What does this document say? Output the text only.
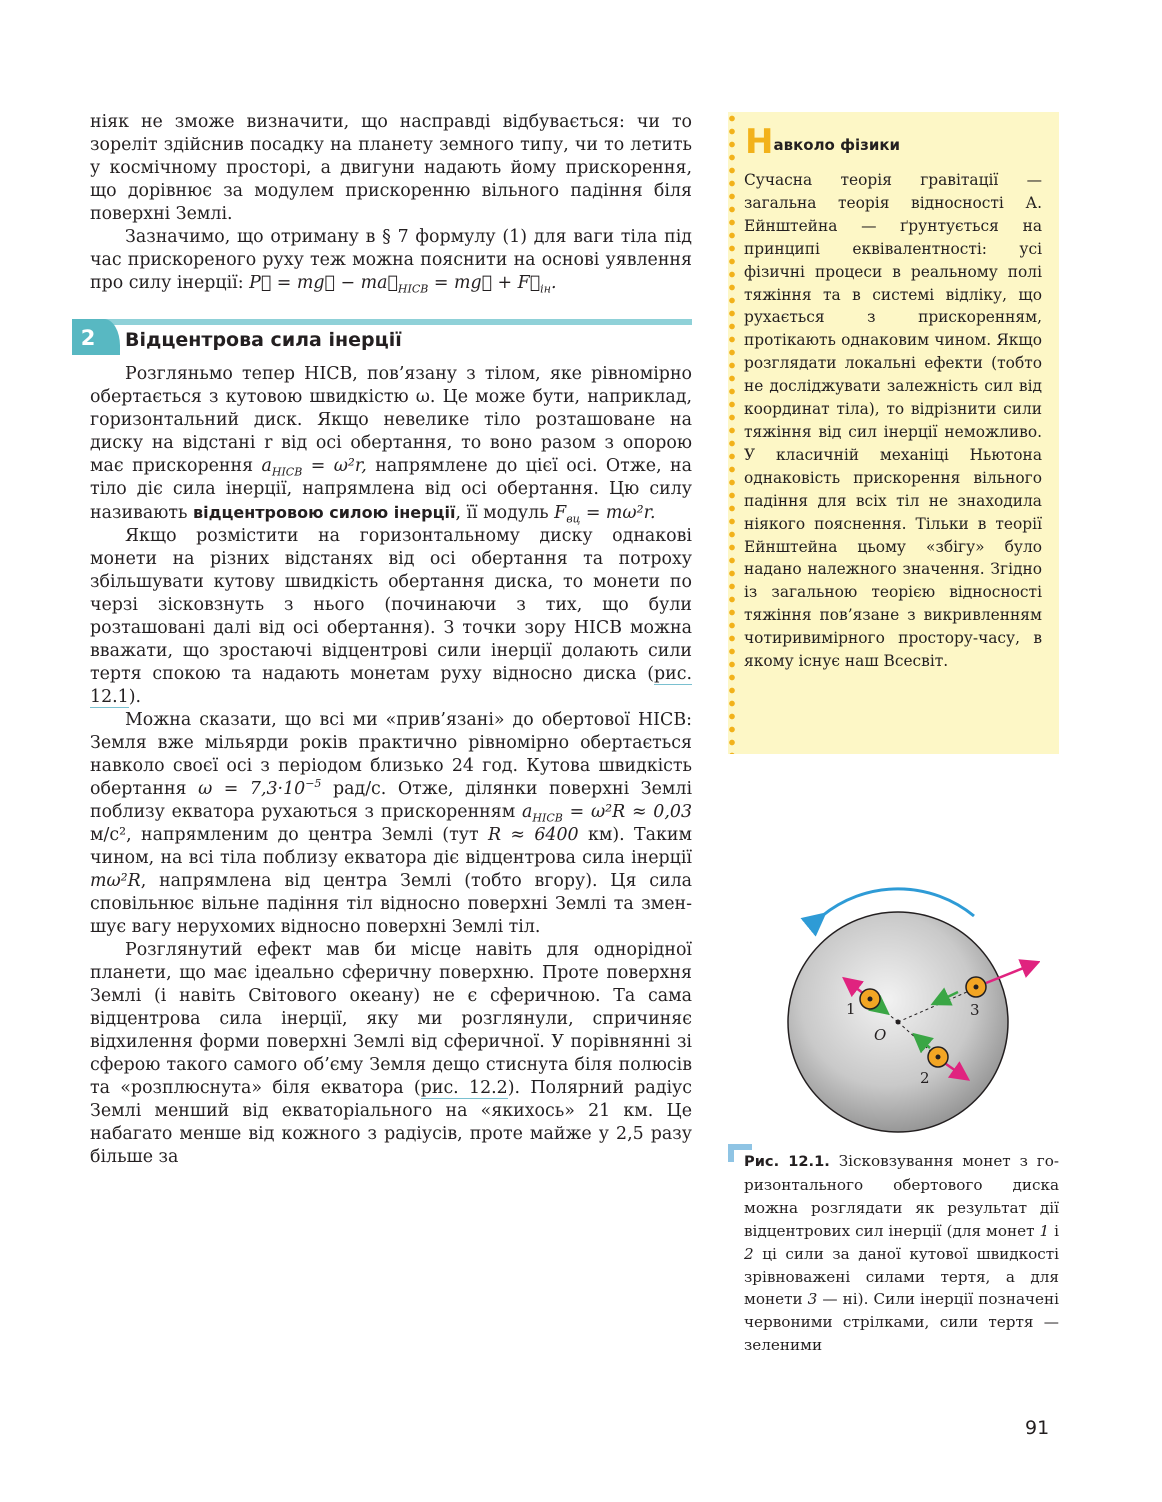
ніяк не зможе визначити, що насправді відбувається: чи то зореліт здійснив посадку на планету земного типу, чи то летить у космічному просторі, а двигуни надають йому прискорення, що дорівнює за модулем прискоренню вільного падіння біля поверхні Землі.

Зазначимо, що отриману в § 7 формулу (1) для ваги тіла під час прискореного руху теж можна пояснити на основі уявлення про силу інерції: P⃗ = mg⃗ − $ma⃗_{НІСВ}$ = mg⃗ + $F⃗_{ін}$.

2	Відцентрова сила інерції

Розгляньмо тепер НІСВ, пов’язану з тілом, яке рівномірно обертається з кутовою швидкістю ω. Це може бути, наприклад, горизонтальний диск. Якщо невелике тіло розташоване на диску на відстані r від осі обертання, то воно разом з опорою має прискорення $a_{НІСВ} = \omega^2r$, напрямлене до цієї осі. Отже, на тіло діє сила інерції, напрямлена від осі обертання. Цю силу називають відцентровою силою інерції, її модуль $F_{вц} = m\omega^2r$.

Якщо розмістити на горизонтальному диску однакові монети на різних відстанях від осі обертання та потроху збільшувати кутову швидкість обертання диска, то монети по черзі зісковзнуть з нього (починаючи з тих, що були розташовані далі від осі обертання). З точки зору НІСВ можна вважати, що зростаючі відцентрові сили інерції долають сили тертя спокою та надають монетам руху відносно диска (рис. 12.1).

Можна сказати, що всі ми «прив’язані» до обертової НІСВ: Земля вже мільярди років практично рівномірно обертається навколо своєї осі з періодом близько 24 год. Кутова швидкість обертання $\omega = 7,3\cdot 10^{-5}$ рад/с. Отже, ділянки поверхні Землі поблизу екватора рухаються з прискоренням $a_{НІСВ} = \omega^2R \approx 0,03$ м/с², напрямленим до центра Землі (тут R ≈ 6400 км). Таким чином, на всі тіла поблизу екватора діє відцентрова сила інерції mω²R, напрямлена від центра Землі (тобто вгору). Ця сила сповільнює вільне падіння тіл відносно поверхні Землі та зменшує вагу нерухомих відносно поверхні Землі тіл.

Розглянутий ефект мав би місце навіть для однорідної планети, що має ідеально сферичну поверхню. Проте поверхня Землі (і навіть Світового океану) не є сферичною. Та сама відцентрова сила інерції, яку ми розглянули, спричиняє відхилення форми поверхні Землі від сферичної. У порівнянні зі сферою такого самого об’єму Земля дещо стиснута біля полюсів та «розплюснута» біля екватора (рис. 12.2). Полярний радіус Землі менший від екваторіального на «якихось» 21 км. Це набагато менше від кожного з радіусів, проте майже у 2,5 разу більше за

Навколо фізики

Сучасна теорія гравітації — загальна теорія відносності А. Ейнштейна — ґрунтується на принципі еквівалентності: усі фізичні процеси в реальному полі тяжіння та в системі відліку, що рухається з прискоренням, протікають однаковим чином. Якщо розглядати локальні ефекти (тобто не досліджувати залежність сил від координат тіла), то відрізнити сили тяжіння від сил інерції неможливо. У класичній механіці Ньютона однаковість прискорення вільного падіння для всіх тіл не знаходила ніякого пояснення. Тільки в теорії Ейнштейна цьому «збігу» було надано належного значення. Згідно із загальною теорією відносності тяжіння пов’язане з викривленням чотиривимірного простору-часу, в якому існує наш Всесвіт.

1
2
3
O

Рис. 12.1. Зісковзування монет з горизонтального обертового диска можна розглядати як результат дії відцентрових сил інерції (для монет 1 і 2 ці сили за даної кутової швидкості зрівноважені силами тертя, а для монети 3 — ні). Сили інерції позначені червоними стрілками, сили тертя — зеленими

91
